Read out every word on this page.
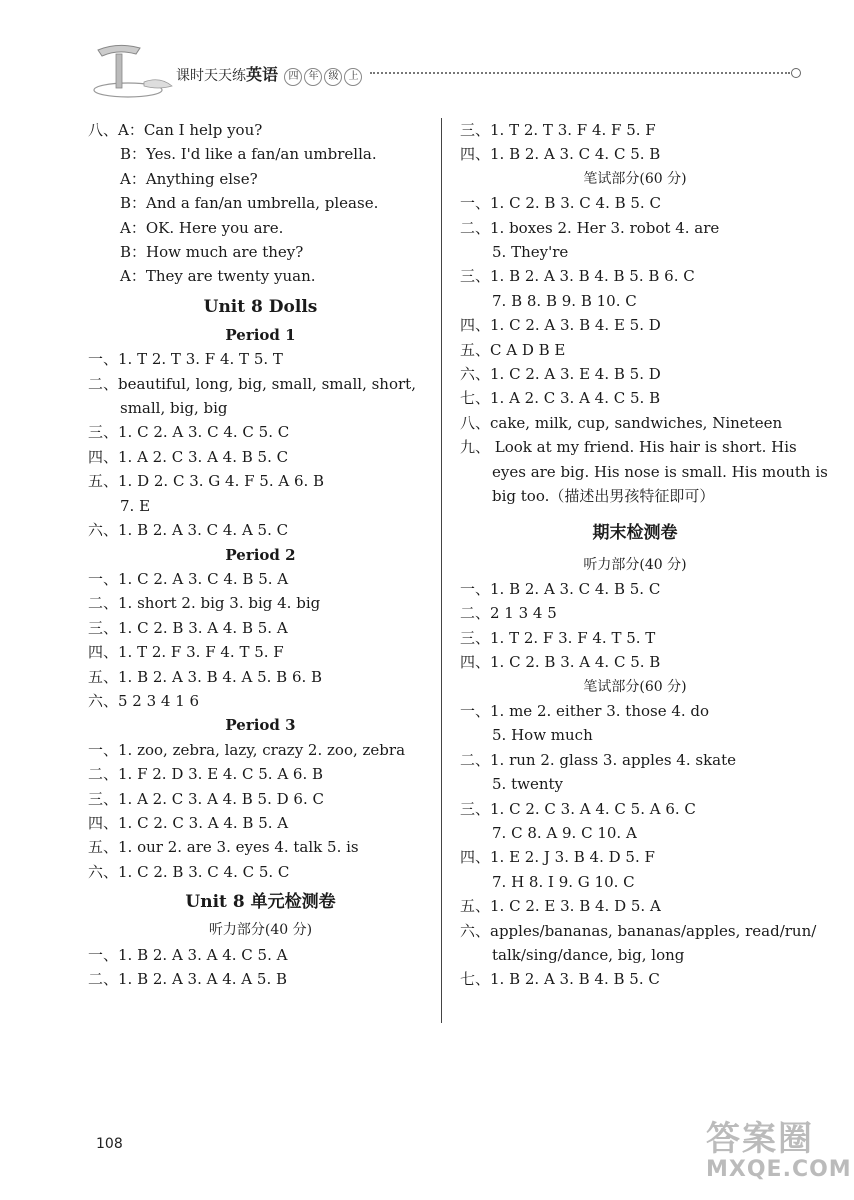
课时天天练英语 四 年 级 上
八、A：Can I help you?
B：Yes. I'd like a fan/an umbrella.
A：Anything else?
B：And a fan/an umbrella, please.
A：OK. Here you are.
B：How much are they?
A：They are twenty yuan.
Unit 8 Dolls
Period 1
一、1. T 2. T 3. F 4. T 5. T
二、beautiful, long, big, small, small, short,
small, big, big
三、1. C 2. A 3. C 4. C 5. C
四、1. A 2. C 3. A 4. B 5. C
五、1. D 2. C 3. G 4. F 5. A 6. B
7. E
六、1. B 2. A 3. C 4. A 5. C
Period 2
一、1. C 2. A 3. C 4. B 5. A
二、1. short 2. big 3. big 4. big
三、1. C 2. B 3. A 4. B 5. A
四、1. T 2. F 3. F 4. T 5. F
五、1. B 2. A 3. B 4. A 5. B 6. B
六、5 2 3 4 1 6
Period 3
一、1. zoo, zebra, lazy, crazy 2. zoo, zebra
二、1. F 2. D 3. E 4. C 5. A 6. B
三、1. A 2. C 3. A 4. B 5. D 6. C
四、1. C 2. C 3. A 4. B 5. A
五、1. our 2. are 3. eyes 4. talk 5. is
六、1. C 2. B 3. C 4. C 5. C
Unit 8 单元检测卷
听力部分(40 分)
一、1. B 2. A 3. A 4. C 5. A
二、1. B 2. A 3. A 4. A 5. B
三、1. T 2. T 3. F 4. F 5. F
四、1. B 2. A 3. C 4. C 5. B
笔试部分(60 分)
一、1. C 2. B 3. C 4. B 5. C
二、1. boxes 2. Her 3. robot 4. are
5. They're
三、1. B 2. A 3. B 4. B 5. B 6. C
7. B 8. B 9. B 10. C
四、1. C 2. A 3. B 4. E 5. D
五、C A D B E
六、1. C 2. A 3. E 4. B 5. D
七、1. A 2. C 3. A 4. C 5. B
八、cake, milk, cup, sandwiches, Nineteen
九、 Look at my friend. His hair is short. His
eyes are big. His nose is small. His mouth is
big too.（描述出男孩特征即可）
期末检测卷
听力部分(40 分)
一、1. B 2. A 3. C 4. B 5. C
二、2 1 3 4 5
三、1. T 2. F 3. F 4. T 5. T
四、1. C 2. B 3. A 4. C 5. B
笔试部分(60 分)
一、1. me 2. either 3. those 4. do
5. How much
二、1. run 2. glass 3. apples 4. skate
5. twenty
三、1. C 2. C 3. A 4. C 5. A 6. C
7. C 8. A 9. C 10. A
四、1. E 2. J 3. B 4. D 5. F
7. H 8. I 9. G 10. C
五、1. C 2. E 3. B 4. D 5. A
六、apples/bananas, bananas/apples, read/run/
talk/sing/dance, big, long
七、1. B 2. A 3. B 4. B 5. C
108	答案圈
MXQE.COM
